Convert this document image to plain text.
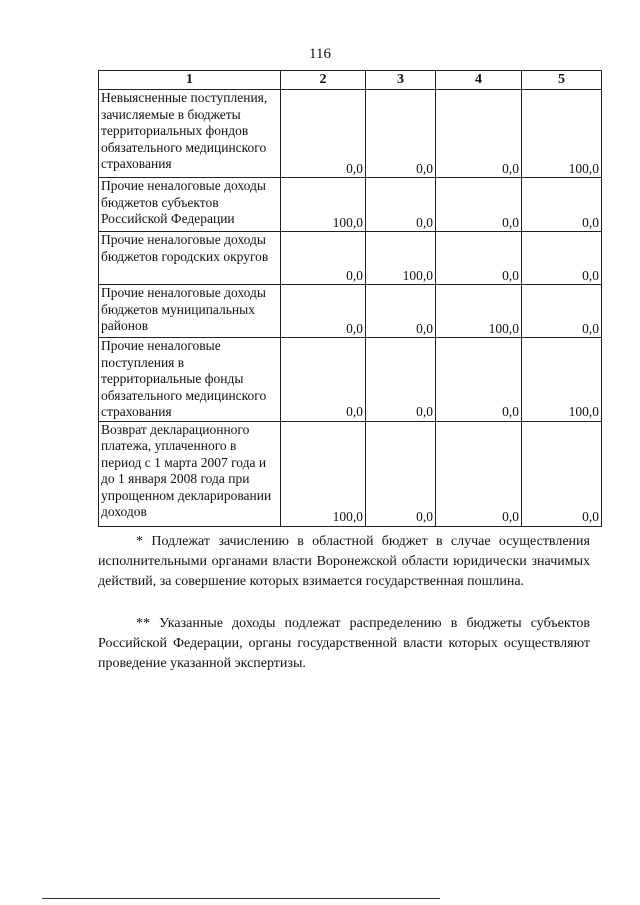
116
1	2	3	4	5
Невыясненные поступления, зачисляемые в бюджеты территориальных фондов обязательного медицинского страхования	0,0	0,0	0,0	100,0
Прочие неналоговые доходы бюджетов субъектов Российской Федерации	100,0	0,0	0,0	0,0
Прочие неналоговые доходы бюджетов городских округов	0,0	100,0	0,0	0,0
Прочие неналоговые доходы бюджетов муниципальных районов	0,0	0,0	100,0	0,0
Прочие неналоговые поступления в территориальные фонды обязательного медицинского страхования	0,0	0,0	0,0	100,0
Возврат декларационного платежа, уплаченного в период с 1 марта 2007 года и до 1 января 2008 года при упрощенном декларировании доходов	100,0	0,0	0,0	0,0

* Подлежат зачислению в областной бюджет в случае осуществления исполнительными органами власти Воронежской области юридически значимых действий, за совершение которых взимается государственная пошлина.

** Указанные доходы подлежат распределению в бюджеты субъектов Российской Федерации, органы государственной власти которых осуществляют проведение указанной экспертизы.
